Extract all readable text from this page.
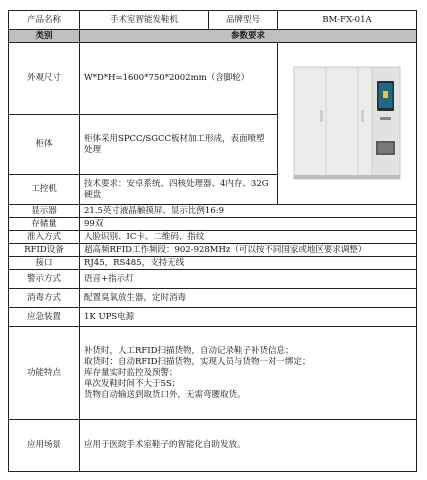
产品名称	手术室智能发鞋机	品牌型号	BM-FX-01A
类别	参数要求		
外观尺寸	W*D*H=1600*750*2002mm（含脚轮）	

柜体	柜体采用SPCC/SGCC板材加工形成，表面喷塑处理		
工控机	技术要求：安卓系统、四核处理器、4内存、32G硬盘		
显示器	21.5英寸液晶触摸屏、显示比例16:9		
存储量	99双		
准入方式	人脸识别、IC卡、二维码、指纹		
RFID设备	超高频RFID工作频段：902-928MHz（可以按不同国家或地区要求调整）		
接口	RJ45，RS485，支持无线		
警示方式	语音+指示灯		
消毒方式	配置臭氧放生器，定时消毒		
应急装置	1K UPS电源		
功能特点	补货时，人工RFID扫描货物，自动记录鞋子补货信息；
取货时：自动RFID扫描货物，实现人员与货物一对一绑定；
库存量实时监控及预警；
单次发鞋时间不大于5S；
货物自动输送到取货口外，无需弯腰取货。		

应用场景	应用于医院手术室鞋子的智能化自助发放。		
